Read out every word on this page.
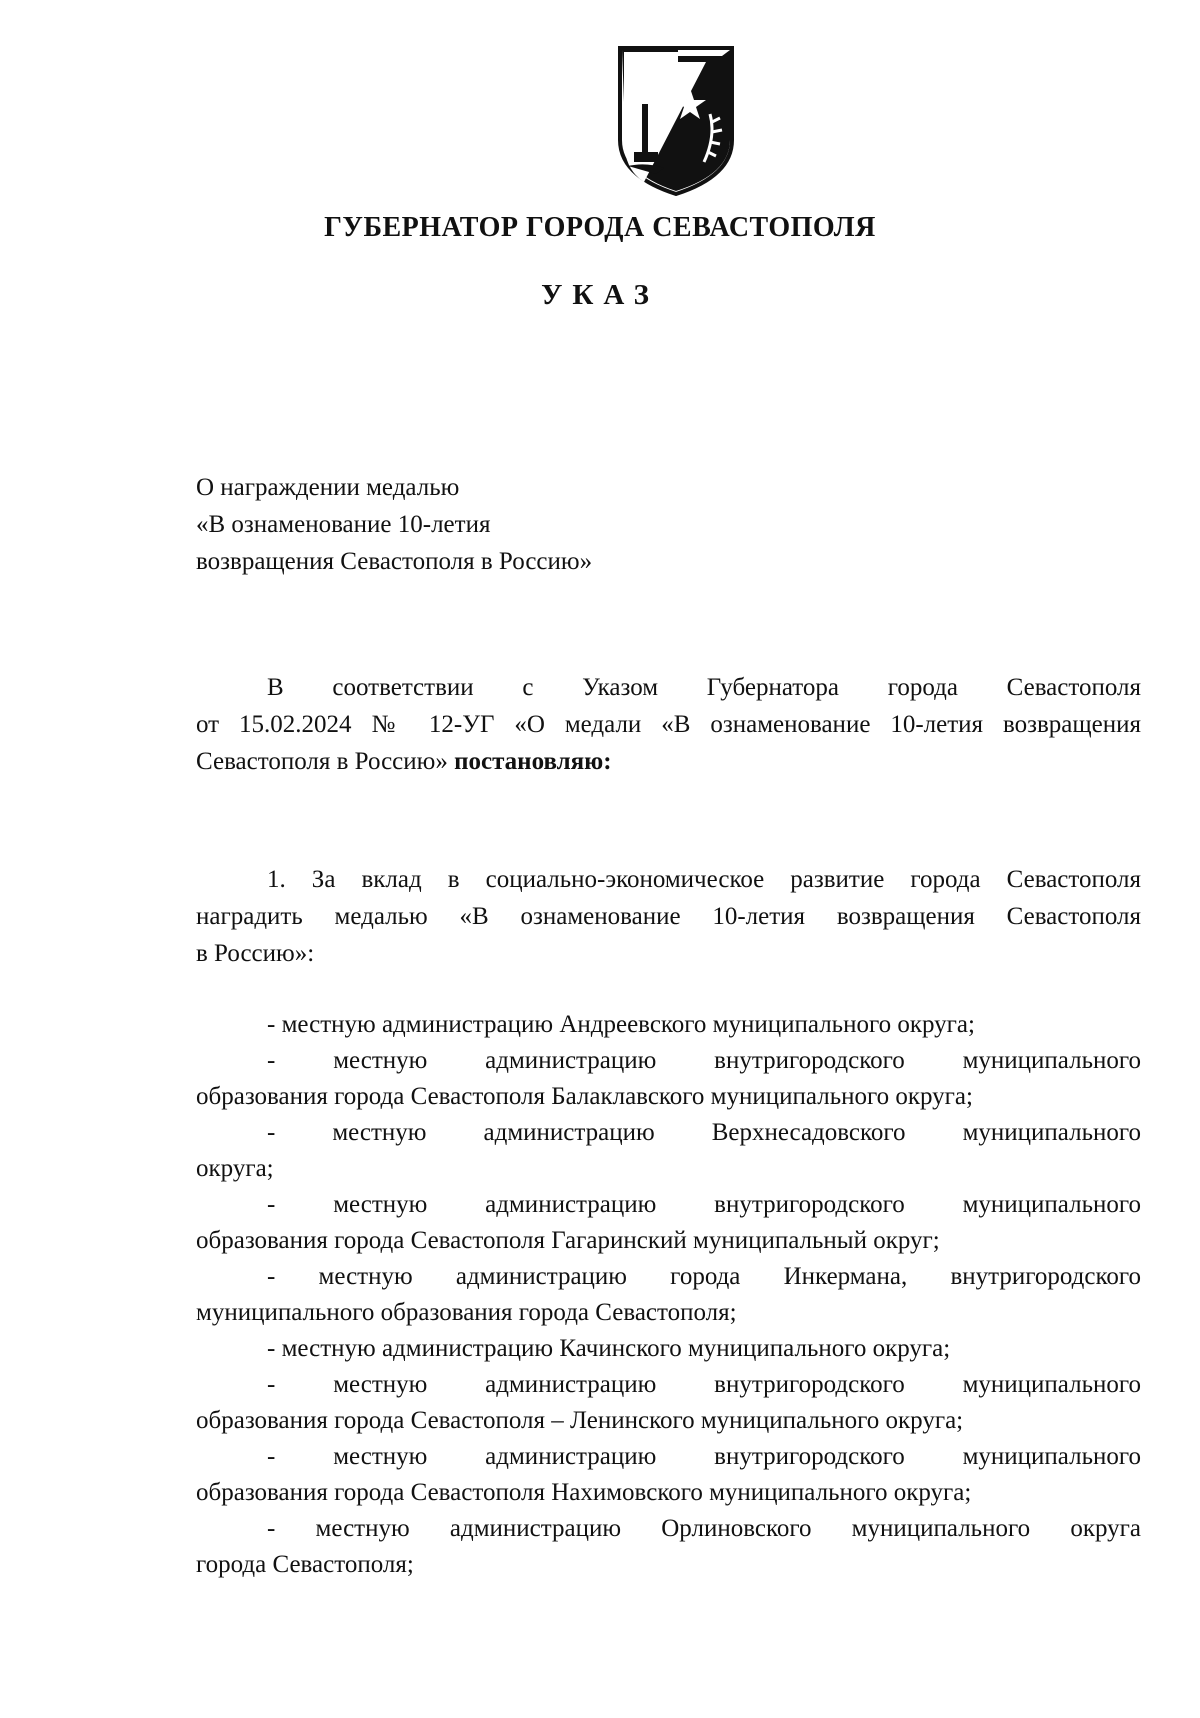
ГУБЕРНАТОР ГОРОДА СЕВАСТОПОЛЯ
УКАЗ
О награждении медалью
«В ознаменование 10-летия
возвращения Севастополя в Россию»
В соответствии с Указом Губернатора города Севастополя
от 15.02.2024 № 12-УГ «О медали «В ознаменование 10-летия возвращения
Севастополя в Россию» постановляю:
1. За вклад в социально-экономическое развитие города Севастополя
наградить медалью «В ознаменование 10-летия возвращения Севастополя
в Россию»:
- местную администрацию Андреевского муниципального округа;
- местную администрацию внутригородского муниципального
образования города Севастополя Балаклавского муниципального округа;
- местную администрацию Верхнесадовского муниципального
округа;
- местную администрацию внутригородского муниципального
образования города Севастополя Гагаринский муниципальный округ;
- местную администрацию города Инкермана, внутригородского
муниципального образования города Севастополя;
- местную администрацию Качинского муниципального округа;
- местную администрацию внутригородского муниципального
образования города Севастополя – Ленинского муниципального округа;
- местную администрацию внутригородского муниципального
образования города Севастополя Нахимовского муниципального округа;
- местную администрацию Орлиновского муниципального округа
города Севастополя;
